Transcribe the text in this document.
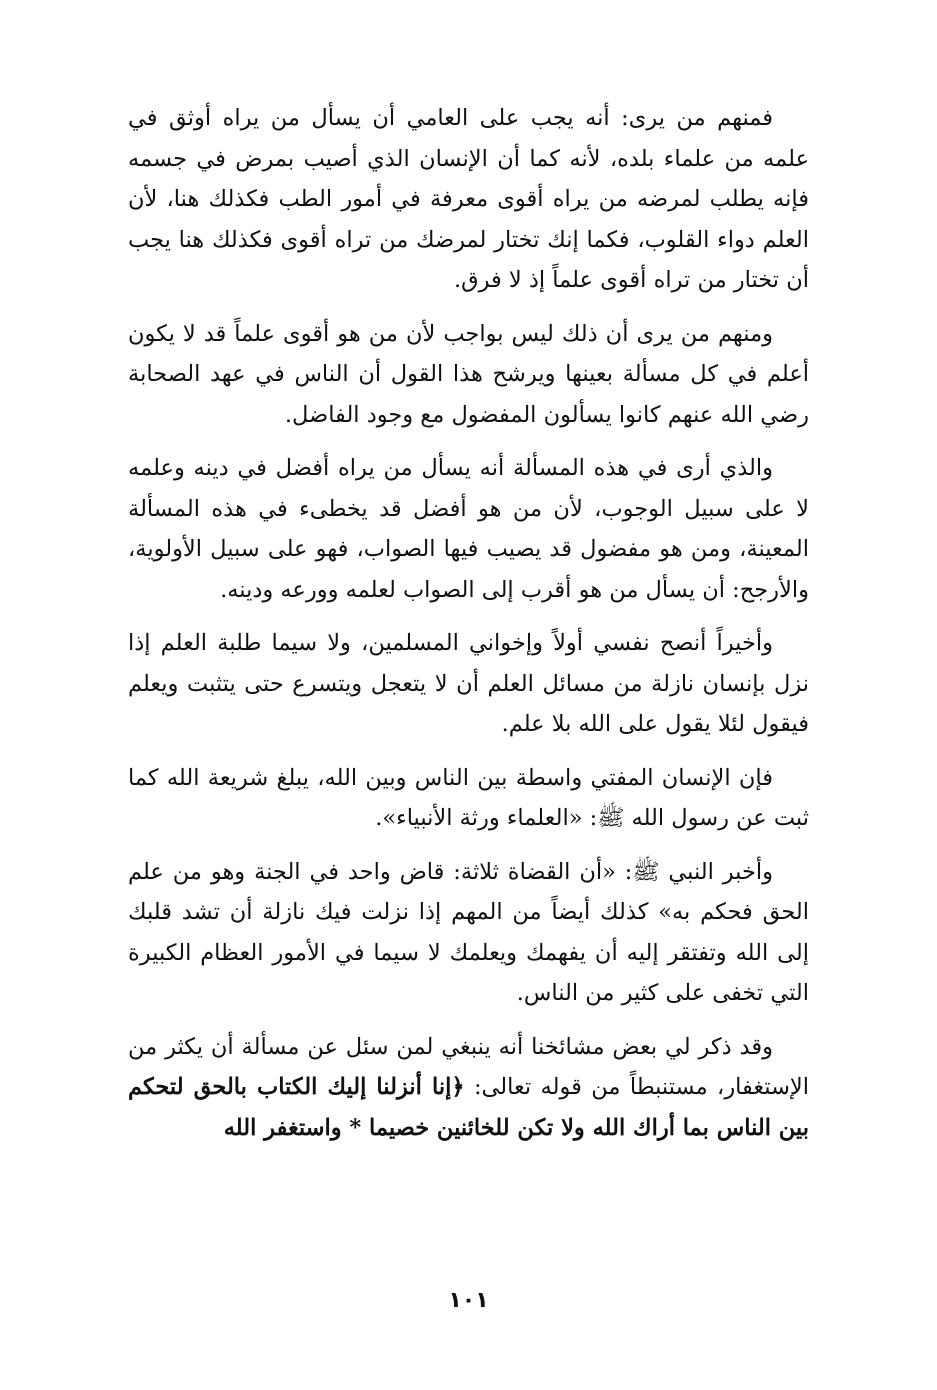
فمنهم من يرى: أنه يجب على العامي أن يسأل من يراه أوثق في علمه من علماء بلده، لأنه كما أن الإنسان الذي أصيب بمرض في جسمه فإنه يطلب لمرضه من يراه أقوى معرفة في أمور الطب فكذلك هنا، لأن العلم دواء القلوب، فكما إنك تختار لمرضك من تراه أقوى فكذلك هنا يجب أن تختار من تراه أقوى علماً إذ لا فرق.

ومنهم من يرى أن ذلك ليس بواجب لأن من هو أقوى علماً قد لا يكون أعلم في كل مسألة بعينها ويرشح هذا القول أن الناس في عهد الصحابة رضي الله عنهم كانوا يسألون المفضول مع وجود الفاضل.

والذي أرى في هذه المسألة أنه يسأل من يراه أفضل في دينه وعلمه لا على سبيل الوجوب، لأن من هو أفضل قد يخطىء في هذه المسألة المعينة، ومن هو مفضول قد يصيب فيها الصواب، فهو على سبيل الأولوية، والأرجح: أن يسأل من هو أقرب إلى الصواب لعلمه وورعه ودينه.

وأخيراً أنصح نفسي أولاً وإخواني المسلمين، ولا سيما طلبة العلم إذا نزل بإنسان نازلة من مسائل العلم أن لا يتعجل ويتسرع حتى يتثبت ويعلم فيقول لئلا يقول على الله بلا علم.

فإن الإنسان المفتي واسطة بين الناس وبين الله، يبلغ شريعة الله كما ثبت عن رسول الله ﷺ: «العلماء ورثة الأنبياء».

وأخبر النبي ﷺ: «أن القضاة ثلاثة: قاض واحد في الجنة وهو من علم الحق فحكم به» كذلك أيضاً من المهم إذا نزلت فيك نازلة أن تشد قلبك إلى الله وتفتقر إليه أن يفهمك ويعلمك لا سيما في الأمور العظام الكبيرة التي تخفى على كثير من الناس.

وقد ذكر لي بعض مشائخنا أنه ينبغي لمن سئل عن مسألة أن يكثر من الإستغفار، مستنبطاً من قوله تعالى: ﴿إنا أنزلنا إليك الكتاب بالحق لتحكم بين الناس بما أراك الله ولا تكن للخائنين خصيما * واستغفر الله

١٠١
